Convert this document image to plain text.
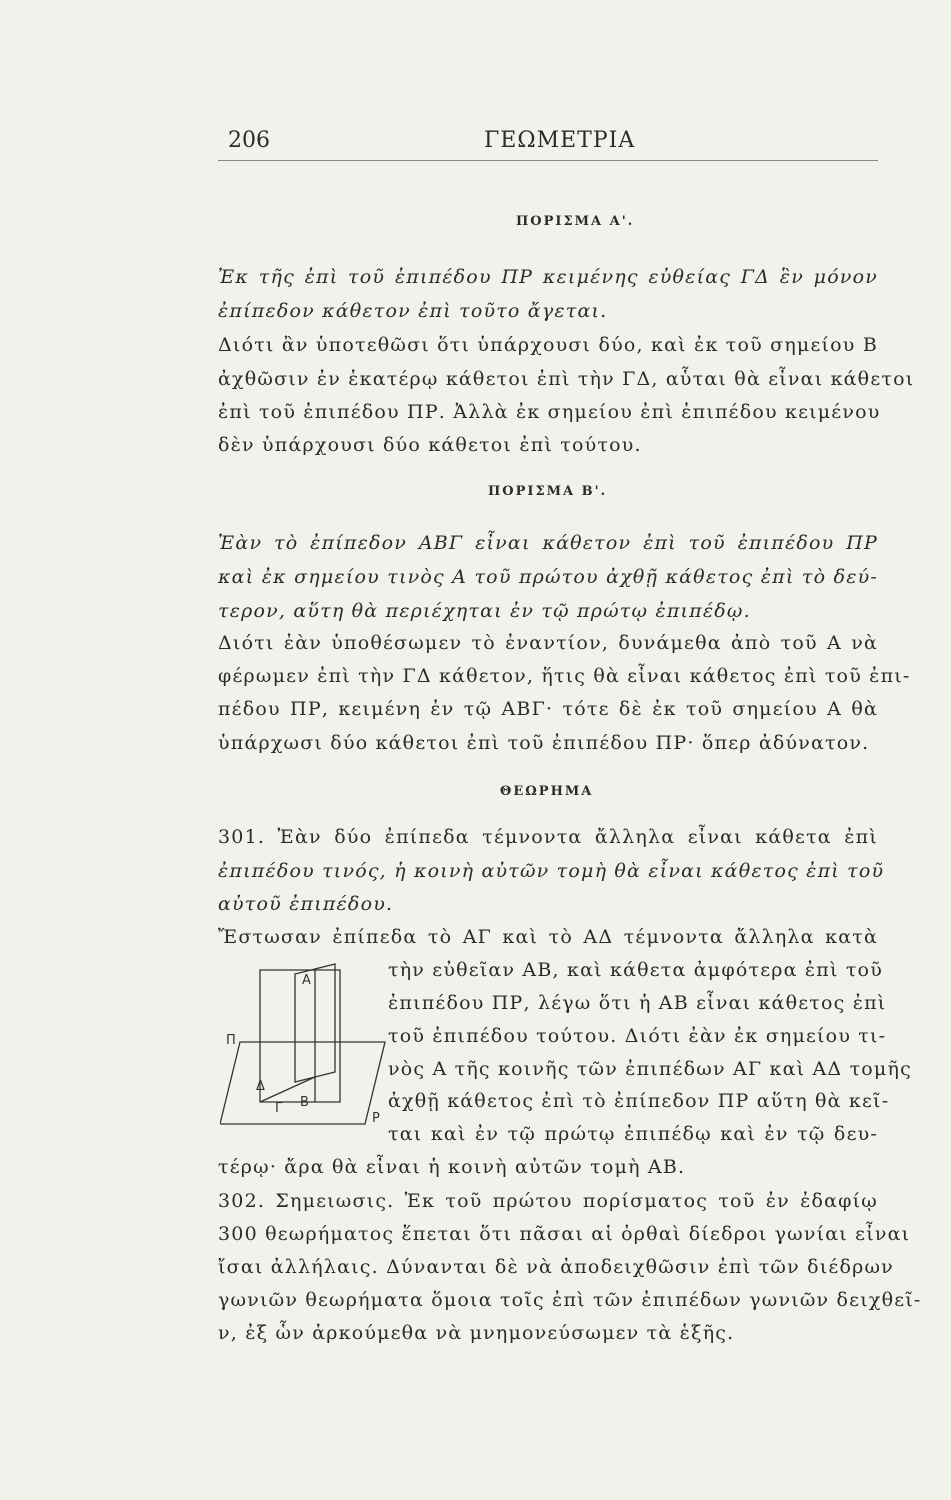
206	ΓΕΩΜΕΤΡΙΑ
ΠΟΡΙΣΜΑ Α'.
Ἐκ τῆς ἐπὶ τοῦ ἐπιπέδου ΠΡ κειμένης εὐθείας ΓΔ ἓν μόνον
ἐπίπεδον κάθετον ἐπὶ τοῦτο ἄγεται.
Διότι ἂν ὑποτεθῶσι ὅτι ὑπάρχουσι δύο, καὶ ἐκ τοῦ σημείου Β
ἀχθῶσιν ἐν ἑκατέρῳ κάθετοι ἐπὶ τὴν ΓΔ, αὗται θὰ εἶναι κάθετοι
ἐπὶ τοῦ ἐπιπέδου ΠΡ. Ἀλλὰ ἐκ σημείου ἐπὶ ἐπιπέδου κειμένου
δὲν ὑπάρχουσι δύο κάθετοι ἐπὶ τούτου.
ΠΟΡΙΣΜΑ Β'.
Ἐὰν τὸ ἐπίπεδον ΑΒΓ εἶναι κάθετον ἐπὶ τοῦ ἐπιπέδου ΠΡ
καὶ ἐκ σημείου τινὸς Α τοῦ πρώτου ἀχθῇ κάθετος ἐπὶ τὸ δεύ-
τερον, αὕτη θὰ περιέχηται ἐν τῷ πρώτῳ ἐπιπέδῳ.
Διότι ἐὰν ὑποθέσωμεν τὸ ἐναντίον, δυνάμεθα ἀπὸ τοῦ Α νὰ
φέρωμεν ἐπὶ τὴν ΓΔ κάθετον, ἥτις θὰ εἶναι κάθετος ἐπὶ τοῦ ἐπι-
πέδου ΠΡ, κειμένη ἐν τῷ ΑΒΓ· τότε δὲ ἐκ τοῦ σημείου Α θὰ
ὑπάρχωσι δύο κάθετοι ἐπὶ τοῦ ἐπιπέδου ΠΡ· ὅπερ ἀδύνατον.
ΘΕΩΡΗΜΑ
301. Ἐὰν δύο ἐπίπεδα τέμνοντα ἄλληλα εἶναι κάθετα ἐπὶ
ἐπιπέδου τινός, ἡ κοινὴ αὐτῶν τομὴ θὰ εἶναι κάθετος ἐπὶ τοῦ
αὐτοῦ ἐπιπέδου.
Ἔστωσαν ἐπίπεδα τὸ ΑΓ καὶ τὸ ΑΔ τέμνοντα ἄλληλα κατὰ
τὴν εὐθεῖαν ΑΒ, καὶ κάθετα ἀμφότερα ἐπὶ τοῦ
ἐπιπέδου ΠΡ, λέγω ὅτι ἡ ΑΒ εἶναι κάθετος ἐπὶ
τοῦ ἐπιπέδου τούτου. Διότι ἐὰν ἐκ σημείου τι-
νὸς Α τῆς κοινῆς τῶν ἐπιπέδων ΑΓ καὶ ΑΔ τομῆς
ἀχθῇ κάθετος ἐπὶ τὸ ἐπίπεδον ΠΡ αὕτη θὰ κεῖ-
ται καὶ ἐν τῷ πρώτῳ ἐπιπέδῳ καὶ ἐν τῷ δευ-
τέρῳ· ἄρα θὰ εἶναι ἡ κοινὴ αὐτῶν τομὴ ΑΒ.
Α
Π
Δ
Γ Β
Ρ
302. Σημειωσις. Ἐκ τοῦ πρώτου πορίσματος τοῦ ἐν ἐδαφίῳ
300 θεωρήματος ἕπεται ὅτι πᾶσαι αἱ ὀρθαὶ δίεδροι γωνίαι εἶναι
ἴσαι ἀλλήλαις. Δύνανται δὲ νὰ ἀποδειχθῶσιν ἐπὶ τῶν διέδρων
γωνιῶν θεωρήματα ὅμοια τοῖς ἐπὶ τῶν ἐπιπέδων γωνιῶν δειχθεῖ-
ν, ἐξ ὧν ἀρκούμεθα νὰ μνημονεύσωμεν τὰ ἑξῆς.
